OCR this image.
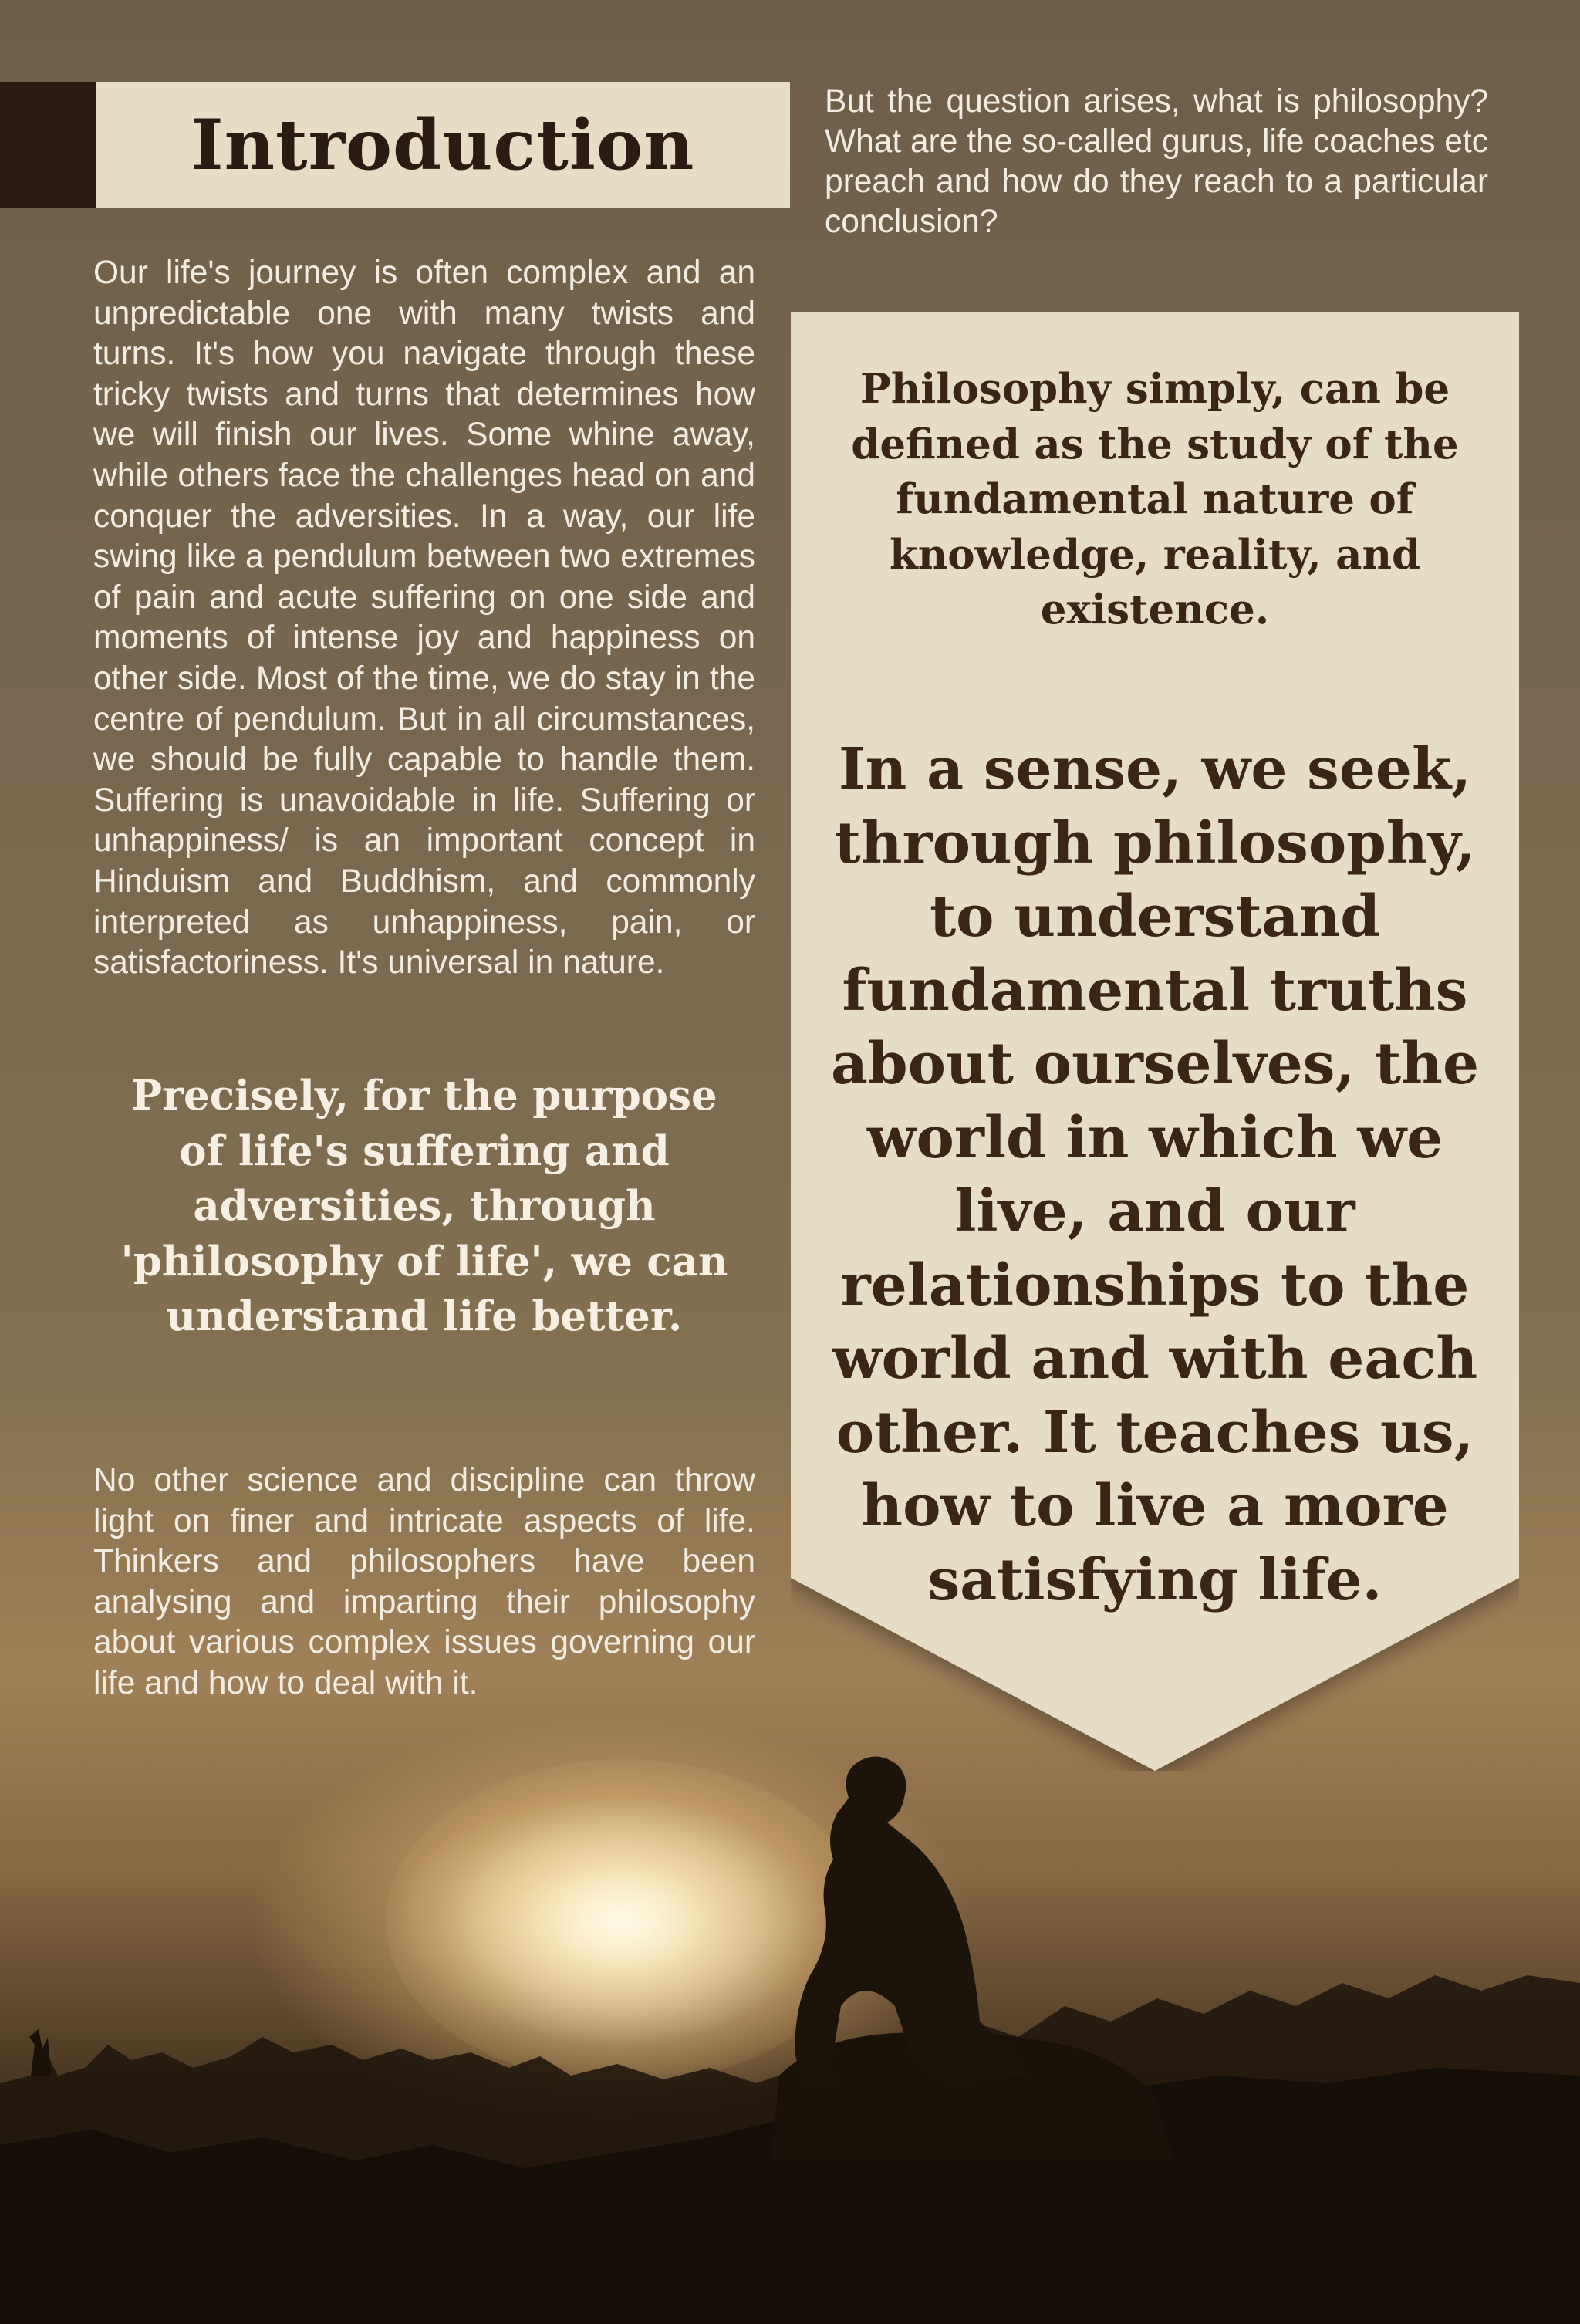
Introduction

Our life's journey is often complex and an unpredictable one with many twists and turns. It's how you navigate through these tricky twists and turns that determines how we will finish our lives. Some whine away, while others face the challenges head on and conquer the adversities. In a way, our life swing like a pendulum between two extremes of pain and acute suffering on one side and moments of intense joy and happiness on other side. Most of the time, we do stay in the centre of pendulum. But in all circumstances, we should be fully capable to handle them. Suffering is unavoidable in life. Suffering or unhappiness/ is an important concept in Hinduism and Buddhism, and commonly interpreted as unhappiness, pain, or satisfactoriness. It's universal in nature.

Precisely, for the purpose of life's suffering and adversities, through 'philosophy of life', we can understand life better.

No other science and discipline can throw light on finer and intricate aspects of life. Thinkers and philosophers have been analysing and imparting their philosophy about various complex issues governing our life and how to deal with it.

But the question arises, what is philosophy? What are the so-called gurus, life coaches etc preach and how do they reach to a particular conclusion?

Philosophy simply, can be defined as the study of the fundamental nature of knowledge, reality, and existence.

In a sense, we seek, through philosophy, to understand fundamental truths about ourselves, the world in which we live, and our relationships to the world and with each other. It teaches us, how to live a more satisfying life.
